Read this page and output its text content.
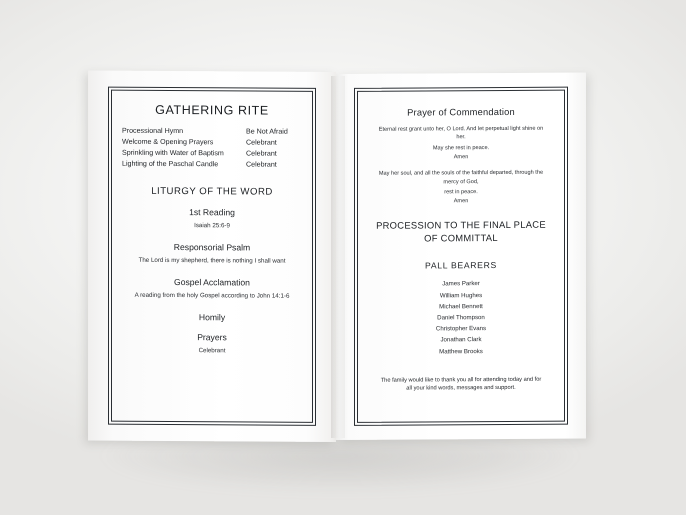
GATHERING RITE
Processional Hymn
Welcome & Opening Prayers
Sprinkling with Water of Baptism
Lighting of the Paschal Candle
Be Not Afraid
Celebrant
Celebrant
Celebrant
LITURGY OF THE WORD
1st Reading
Isaiah 25:6-9
Responsorial Psalm
The Lord is my shepherd, there is nothing I shall want
Gospel Acclamation
A reading from the holy Gospel according to John 14:1-6
Homily
Prayers
Celebrant
Prayer of Commendation
Eternal rest grant unto her, O Lord. And let perpetual light shine on her.
May she rest in peace.
Amen
May her soul, and all the souls of the faithful departed, through the mercy of God,
rest in peace.
Amen
PROCESSION TO THE FINAL PLACE
OF COMMITTAL
PALL BEARERS
James Parker
William Hughes
Michael Bennett
Daniel Thompson
Christopher Evans
Jonathan Clark
Matthew Brooks
The family would like to thank you all for attending today and for
all your kind words, messages and support.
